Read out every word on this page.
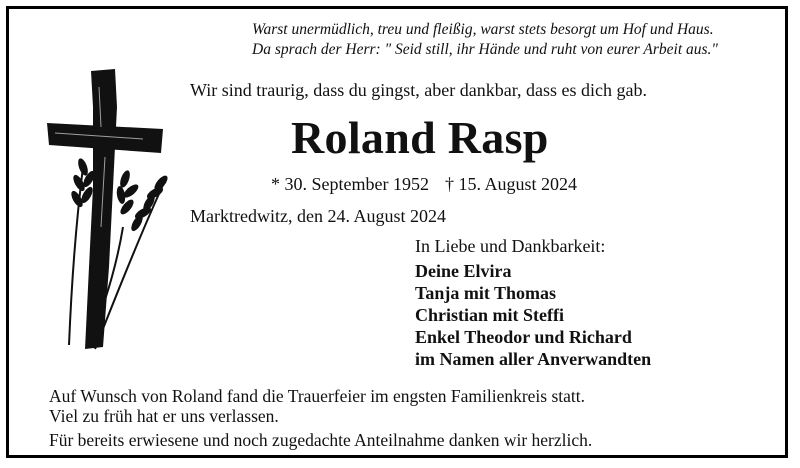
Warst unermüdlich, treu und fleißig, warst stets besorgt um Hof und Haus.
Da sprach der Herr: " Seid still, ihr Hände und ruht von eurer Arbeit aus."
Wir sind traurig, dass du gingst, aber dankbar, dass es dich gab.
Roland Rasp
* 30. September 1952 † 15. August 2024
Marktredwitz, den 24. August 2024
In Liebe und Dankbarkeit:
Deine Elvira
Tanja mit Thomas
Christian mit Steffi
Enkel Theodor und Richard
im Namen aller Anverwandten
Auf Wunsch von Roland fand die Trauerfeier im engsten Familienkreis statt.
Viel zu früh hat er uns verlassen.
Für bereits erwiesene und noch zugedachte Anteilnahme danken wir herzlich.
